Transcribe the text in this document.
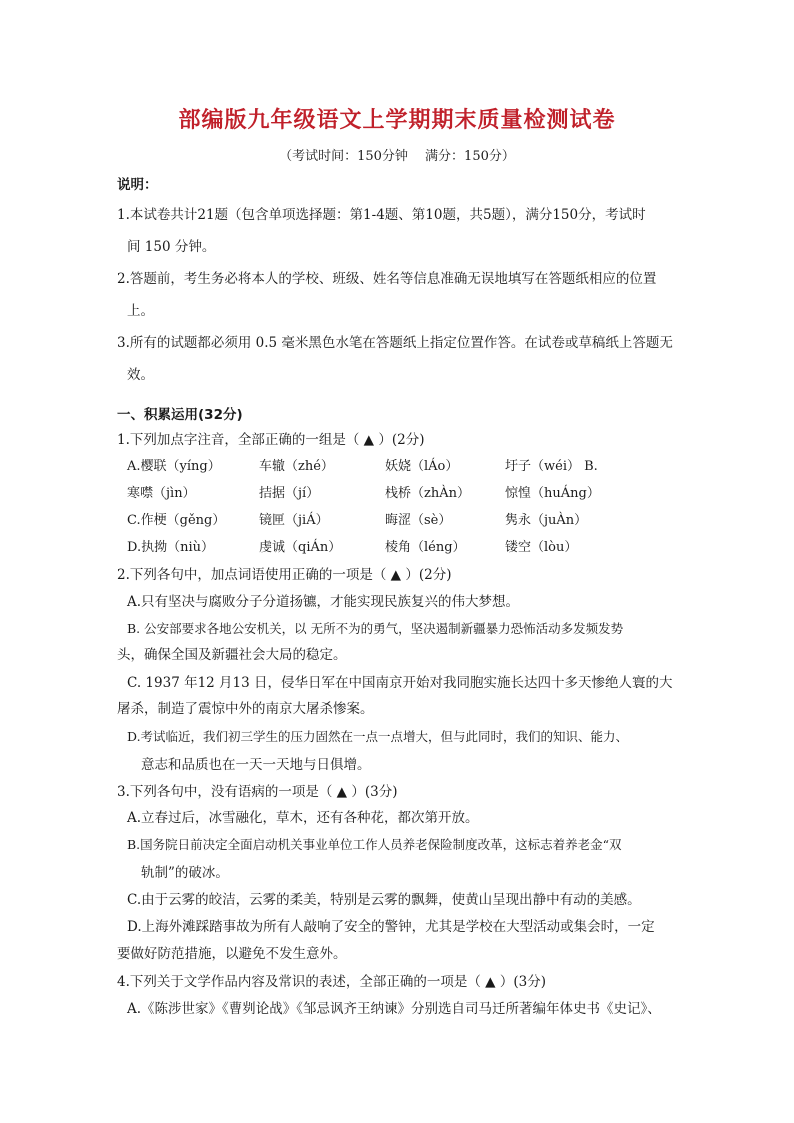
部编版九年级语文上学期期末质量检测试卷
（考试时间：150分钟　 满分：150分）
说明：
1.本试卷共计21题（包含单项选择题：第1-4题、第10题，共5题），满分150分，考试时
间 150 分钟。
2.答题前，考生务必将本人的学校、班级、姓名等信息准确无误地填写在答题纸相应的位置
上。
3.所有的试题都必须用 0.5 毫米黑色水笔在答题纸上指定位置作答。在试卷或草稿纸上答题无
效。
一、积累运用(32分)
1.下列加点字注音，全部正确的一组是（ ▲ ）(2分)
A.樱联（yíng）	车辙（zhé）	妖娆（lÁo）	圩子（wéi） B.
寒噤（jìn）	拮据（jí）	栈桥（zhÀn）	惊惶（huÁng）
C.作梗（gěng）	镜匣（jiÁ）	晦涩（sè）	隽永（juÀn）
D.执拗（niù）	虔诚（qiÁn）	棱角（léng）	镂空（lòu）
2.下列各句中，加点词语使用正确的一项是（ ▲ ）(2分)
A.只有坚决与腐败分子分道扬镳，才能实现民族复兴的伟大梦想。
B. 公安部要求各地公安机关，以 无所不为的勇气，坚决遏制新疆暴力恐怖活动多发频发势
头，确保全国及新疆社会大局的稳定。
C. 1937 年12 月13 日，侵华日军在中国南京开始对我同胞实施长达四十多天惨绝人寰的大
屠杀，制造了震惊中外的南京大屠杀惨案。
D.考试临近，我们初三学生的压力固然在一点一点增大，但与此同时，我们的知识、能力、
意志和品质也在一天一天地与日俱增。
3.下列各句中，没有语病的一项是（ ▲ ）(3分)
A.立春过后，冰雪融化，草木，还有各种花，都次第开放。
B.国务院日前决定全面启动机关事业单位工作人员养老保险制度改革，这标志着养老金“双
轨制”的破冰。
C.由于云雾的皎洁，云雾的柔美，特别是云雾的飘舞，使黄山呈现出静中有动的美感。
D.上海外滩踩踏事故为所有人敲响了安全的警钟，尤其是学校在大型活动或集会时，一定
要做好防范措施，以避免不发生意外。
4.下列关于文学作品内容及常识的表述，全部正确的一项是（ ▲ ）(3分)
A.《陈涉世家》《曹刿论战》《邹忌讽齐王纳谏》分别选自司马迁所著编年体史书《史记》、
